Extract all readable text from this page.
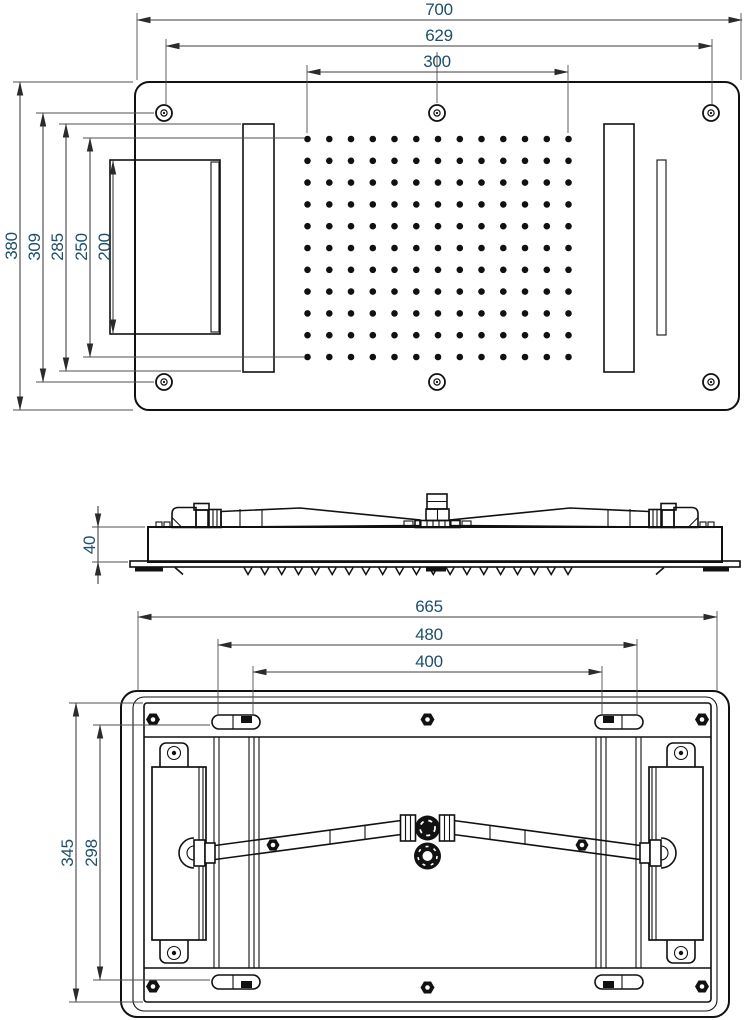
700
629
300
380 309 285 250 200
40
665
480
400
345 298
